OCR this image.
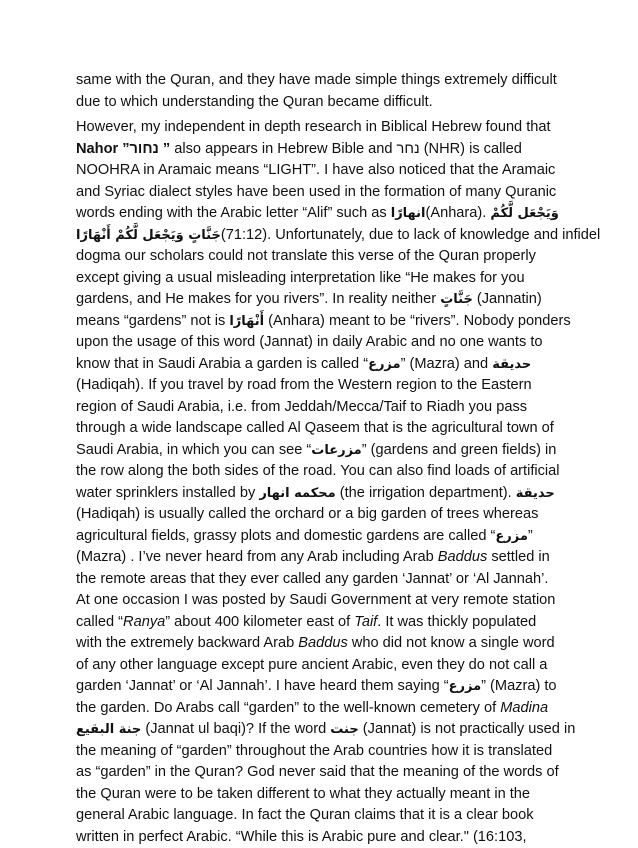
same with the Quran, and they have made simple things extremely difficult
due to which understanding the Quran became difficult.

However, my independent in depth research in Biblical Hebrew found that
Nahor ”נחור ” also appears in Hebrew Bible and נחר (NHR) is called
NOOHRA in Aramaic means “LIGHT”. I have also noticed that the Aramaic
and Syriac dialect styles have been used in the formation of many Quranic
words ending with the Arabic letter “Alif” such as انهارًا(Anhara). وَيَجْعَل لَّكُمْ
جَنَّاتٍ وَيَجْعَل لَّكُمْ أَنْهَارًا(71:12). Unfortunately, due to lack of knowledge and infidel
dogma our scholars could not translate this verse of the Quran properly
except giving a usual misleading interpretation like “He makes for you
gardens, and He makes for you rivers”. In reality neither جَنَّاتٍ (Jannatin)
means “gardens” not is أَنْهَارًا (Anhara) meant to be “rivers”. Nobody ponders
upon the usage of this word (Jannat) in daily Arabic and no one wants to
know that in Saudi Arabia a garden is called “مزرع” (Mazra) and حديقة
(Hadiqah). If you travel by road from the Western region to the Eastern
region of Saudi Arabia, i.e. from Jeddah/Mecca/Taif to Riadh you pass
through a wide landscape called Al Qaseem that is the agricultural town of
Saudi Arabia, in which you can see “مزرعات” (gardens and green fields) in
the row along the both sides of the road. You can also find loads of artificial
water sprinklers installed by محكمه انهار (the irrigation department). حديقة
(Hadiqah) is usually called the orchard or a big garden of trees whereas
agricultural fields, grassy plots and domestic gardens are called “مزرع”
(Mazra) . I’ve never heard from any Arab including Arab Baddus settled in
the remote areas that they ever called any garden ‘Jannat’ or ‘Al Jannah’.
At one occasion I was posted by Saudi Government at very remote station
called “Ranya” about 400 kilometer east of Taif. It was thickly populated
with the extremely backward Arab Baddus who did not know a single word
of any other language except pure ancient Arabic, even they do not call a
garden ‘Jannat’ or ‘Al Jannah’. I have heard them saying “مزرع” (Mazra) to
the garden. Do Arabs call “garden” to the well-known cemetery of Madina
جنة البقيع (Jannat ul baqi)? If the word جنت (Jannat) is not practically used in
the meaning of “garden” throughout the Arab countries how it is translated
as “garden” in the Quran? God never said that the meaning of the words of
the Quran were to be taken different to what they actually meant in the
general Arabic language. In fact the Quran claims that it is a clear book
written in perfect Arabic. “While this is Arabic pure and clear." (16:103,
